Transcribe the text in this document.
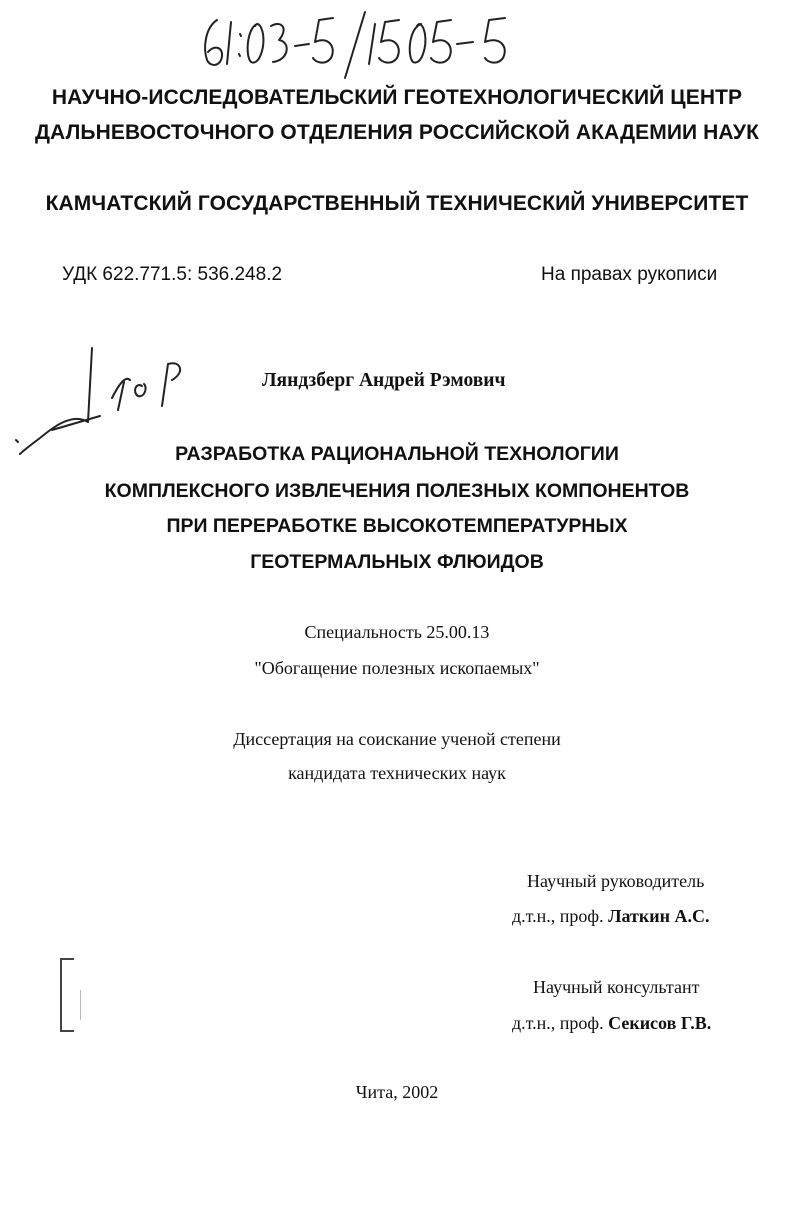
НАУЧНО-ИССЛЕДОВАТЕЛЬСКИЙ ГЕОТЕХНОЛОГИЧЕСКИЙ ЦЕНТР
ДАЛЬНЕВОСТОЧНОГО ОТДЕЛЕНИЯ РОССИЙСКОЙ АКАДЕМИИ НАУК
КАМЧАТСКИЙ ГОСУДАРСТВЕННЫЙ ТЕХНИЧЕСКИЙ УНИВЕРСИТЕТ
УДК 622.771.5: 536.248.2	На правах рукописи
Ляндзберг Андрей Рэмович
РАЗРАБОТКА РАЦИОНАЛЬНОЙ ТЕХНОЛОГИИ
КОМПЛЕКСНОГО ИЗВЛЕЧЕНИЯ ПОЛЕЗНЫХ КОМПОНЕНТОВ
ПРИ ПЕРЕРАБОТКЕ ВЫСОКОТЕМПЕРАТУРНЫХ
ГЕОТЕРМАЛЬНЫХ ФЛЮИДОВ
Специальность 25.00.13
"Обогащение полезных ископаемых"
Диссертация на соискание ученой степени
кандидата технических наук
Научный руководитель
д.т.н., проф. Латкин А.С.
Научный консультант
д.т.н., проф. Секисов Г.В.
Чита, 2002
